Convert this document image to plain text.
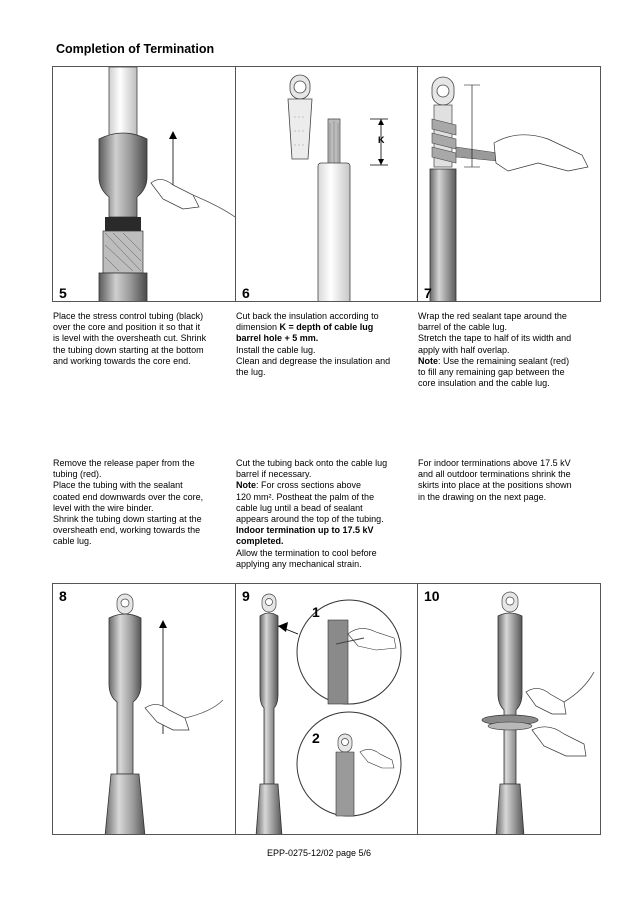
Completion of Termination
5
K
6	7

Place the stress control tubing (black)
over the core and position it so that it
is level with the oversheath cut. Shrink
the tubing down starting at the bottom
and working towards the core end.

Cut back the insulation according to
dimension K = depth of cable lug
barrel hole + 5 mm.
Install the cable lug.
Clean and degrease the insulation and
the lug.

Wrap the red sealant tape around the
barrel of the cable lug.
Stretch the tape to half of its width and
apply with half overlap.
Note: Use the remaining sealant (red)
to fill any remaining gap between the
core insulation and the cable lug.

Remove the release paper from the
tubing (red).
Place the tubing with the sealant
coated end downwards over the core,
level with the wire binder.
Shrink the tubing down starting at the
oversheath end, working towards the
cable lug.

Cut the tubing back onto the cable lug
barrel if necessary.
Note: For cross sections above
120 mm². Postheat the palm of the
cable lug until a bead of sealant
appears around the top of the tubing.
Indoor termination up to 17.5 kV
completed.
Allow the termination to cool before
applying any mechanical strain.

For indoor terminations above 17.5 kV
and all outdoor terminations shrink the
skirts into place at the positions shown
in the drawing on the next page.

8	9
1
2
10
EPP-0275-12/02 page 5/6
